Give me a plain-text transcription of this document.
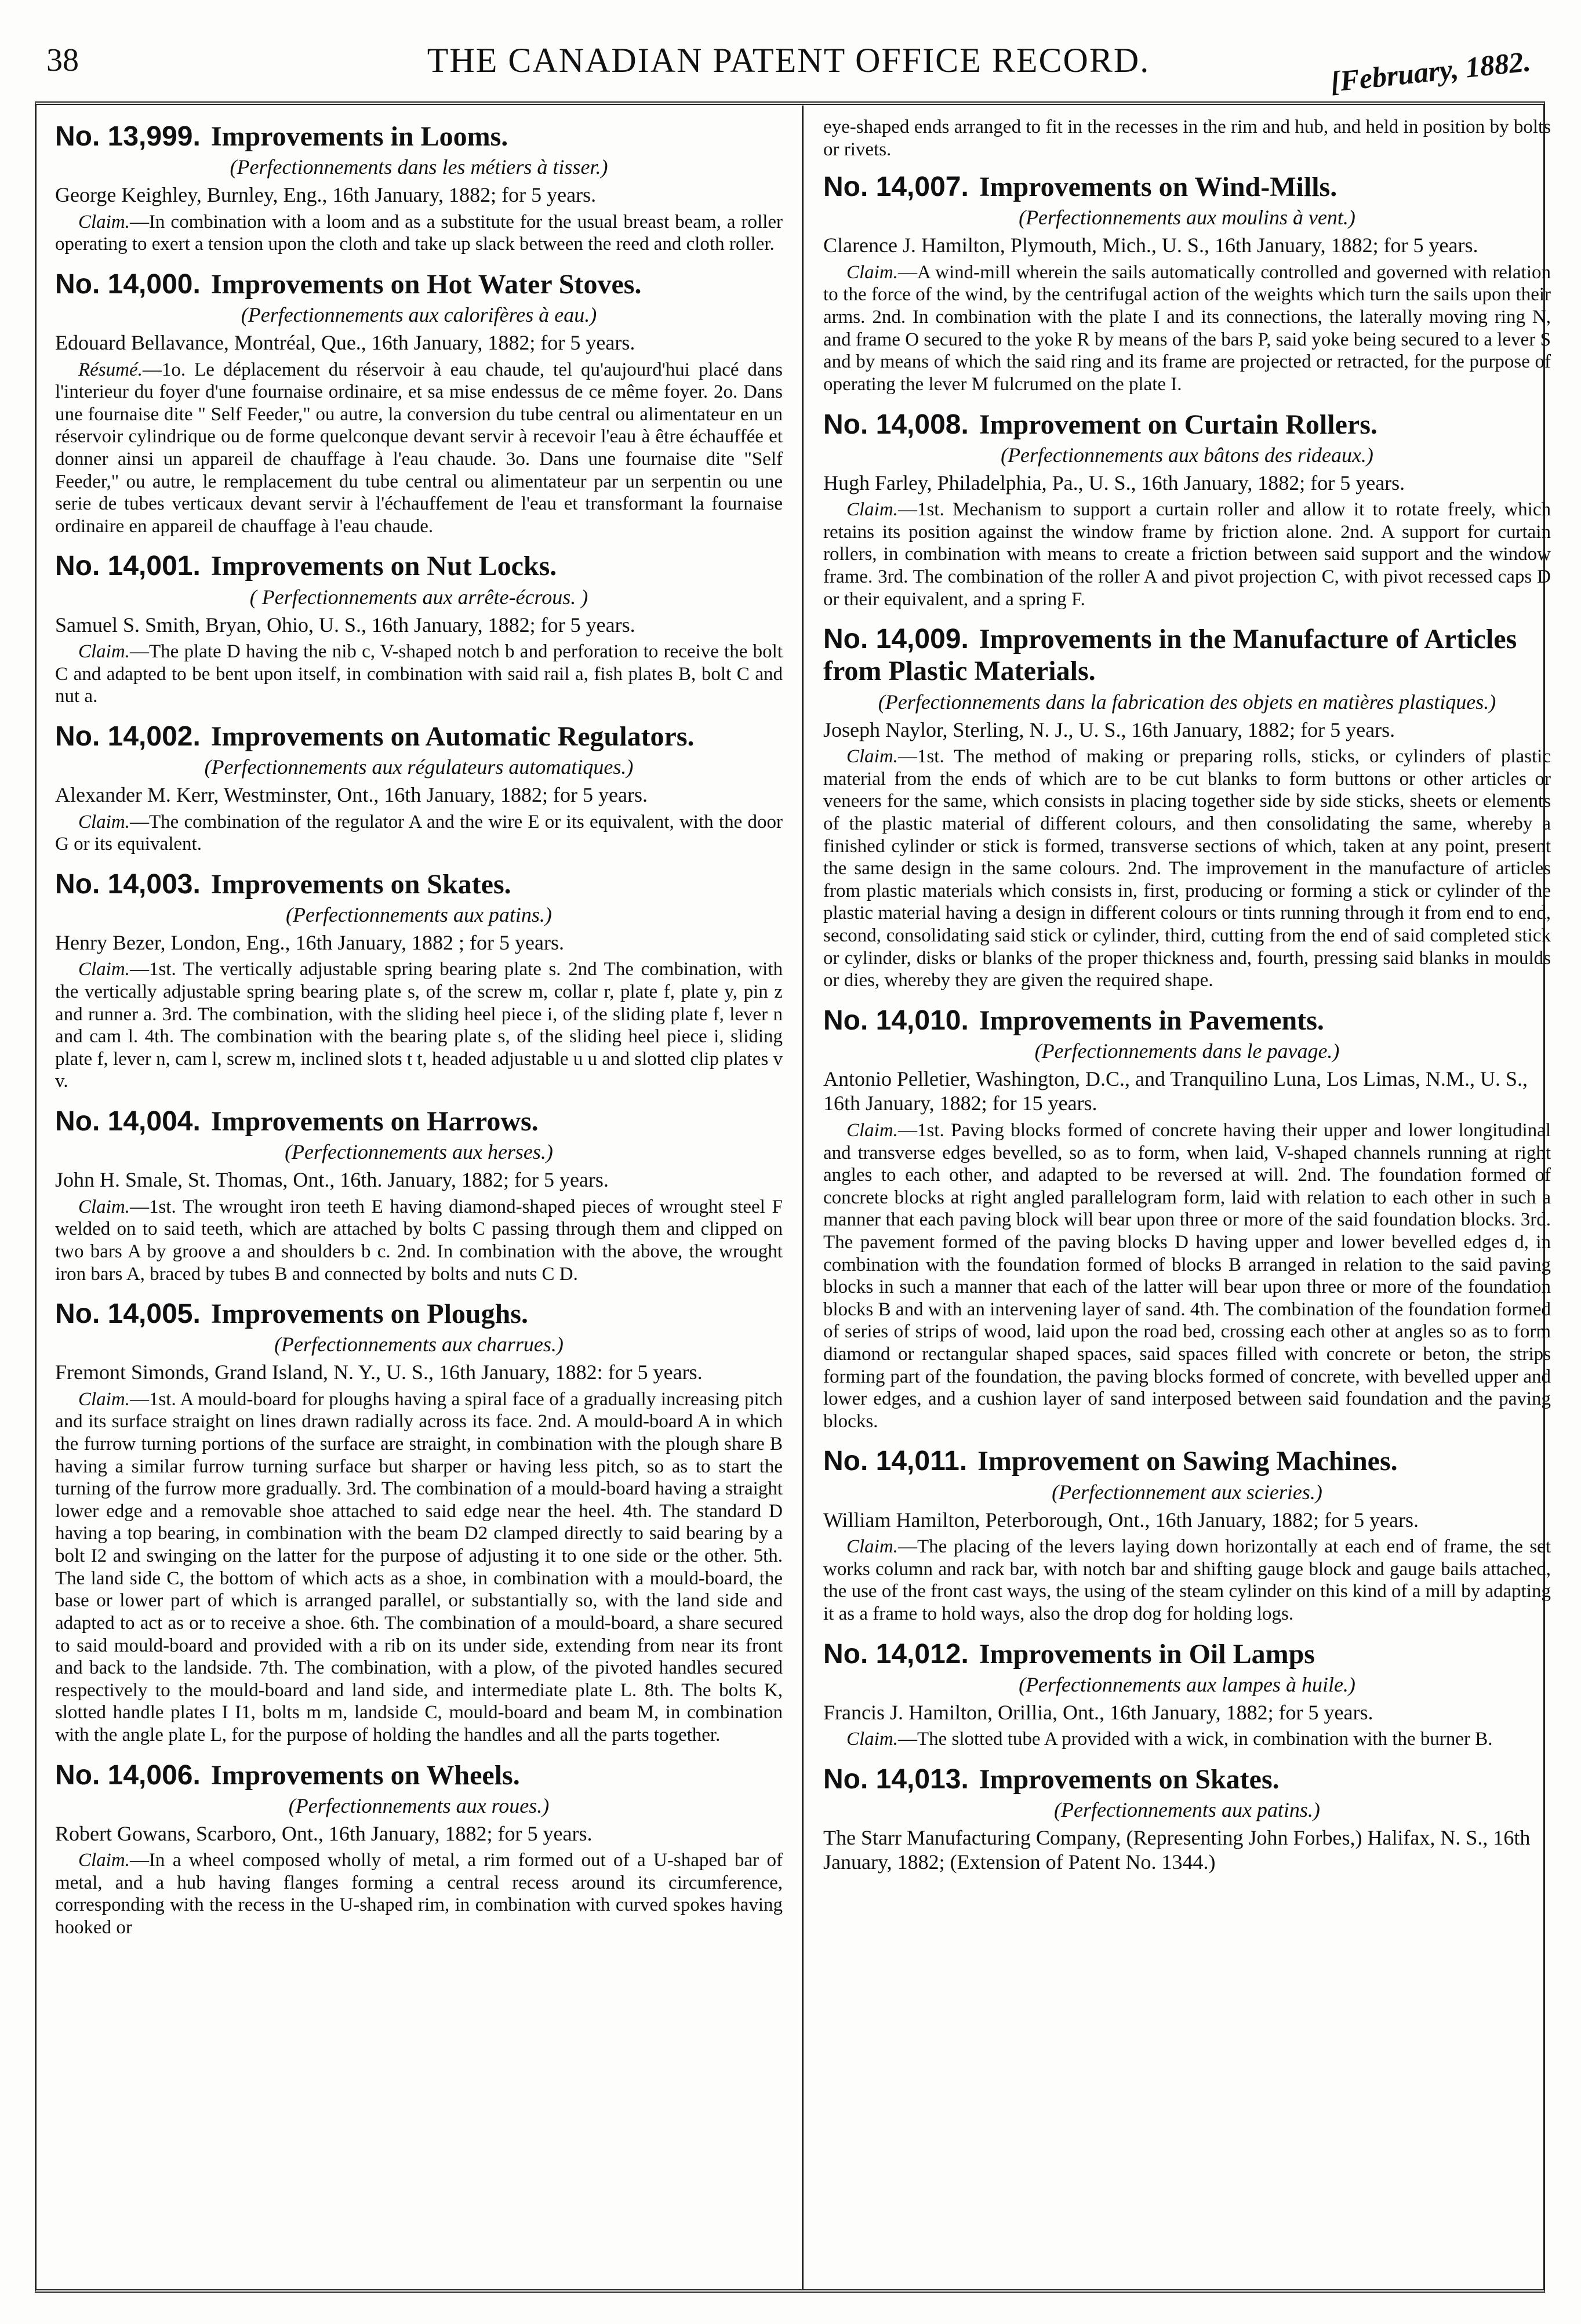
38	THE CANADIAN PATENT OFFICE RECORD.	[February, 1882.
No. 13,999. Improvements in Looms.
(Perfectionnements dans les métiers à tisser.)
George Keighley, Burnley, Eng., 16th January, 1882; for 5 years.

Claim.—In combination with a loom and as a substitute for the usual breast beam, a roller operating to exert a tension upon the cloth and take up slack between the reed and cloth roller.

No. 14,000. Improvements on Hot Water Stoves.
(Perfectionnements aux calorifères à eau.)
Edouard Bellavance, Montréal, Que., 16th January, 1882; for 5 years.

Résumé.—1o. Le déplacement du réservoir à eau chaude, tel qu'aujourd'hui placé dans l'interieur du foyer d'une fournaise ordinaire, et sa mise endessus de ce même foyer. 2o. Dans une fournaise dite " Self Feeder," ou autre, la conversion du tube central ou alimentateur en un réservoir cylindrique ou de forme quelconque devant servir à recevoir l'eau à être échauffée et donner ainsi un appareil de chauffage à l'eau chaude. 3o. Dans une fournaise dite "Self Feeder," ou autre, le remplacement du tube central ou alimentateur par un serpentin ou une serie de tubes verticaux devant servir à l'échauffement de l'eau et transformant la fournaise ordinaire en appareil de chauffage à l'eau chaude.

No. 14,001. Improvements on Nut Locks.
( Perfectionnements aux arrête-écrous. )
Samuel S. Smith, Bryan, Ohio, U. S., 16th January, 1882; for 5 years.

Claim.—The plate D having the nib c, V-shaped notch b and perforation to receive the bolt C and adapted to be bent upon itself, in combination with said rail a, fish plates B, bolt C and nut a.

No. 14,002. Improvements on Automatic Regulators.
(Perfectionnements aux régulateurs automatiques.)
Alexander M. Kerr, Westminster, Ont., 16th January, 1882; for 5 years.

Claim.—The combination of the regulator A and the wire E or its equivalent, with the door G or its equivalent.

No. 14,003. Improvements on Skates.
(Perfectionnements aux patins.)
Henry Bezer, London, Eng., 16th January, 1882 ; for 5 years.

Claim.—1st. The vertically adjustable spring bearing plate s. 2nd The combination, with the vertically adjustable spring bearing plate s, of the screw m, collar r, plate f, plate y, pin z and runner a. 3rd. The combination, with the sliding heel piece i, of the sliding plate f, lever n and cam l. 4th. The combination with the bearing plate s, of the sliding heel piece i, sliding plate f, lever n, cam l, screw m, inclined slots t t, headed adjustable u u and slotted clip plates v v.

No. 14,004. Improvements on Harrows.
(Perfectionnements aux herses.)
John H. Smale, St. Thomas, Ont., 16th. January, 1882; for 5 years.

Claim.—1st. The wrought iron teeth E having diamond-shaped pieces of wrought steel F welded on to said teeth, which are attached by bolts C passing through them and clipped on two bars A by groove a and shoulders b c. 2nd. In combination with the above, the wrought iron bars A, braced by tubes B and connected by bolts and nuts C D.

No. 14,005. Improvements on Ploughs.
(Perfectionnements aux charrues.)
Fremont Simonds, Grand Island, N. Y., U. S., 16th January, 1882: for 5 years.

Claim.—1st. A mould-board for ploughs having a spiral face of a gradually increasing pitch and its surface straight on lines drawn radially across its face. 2nd. A mould-board A in which the furrow turning portions of the surface are straight, in combination with the plough share B having a similar furrow turning surface but sharper or having less pitch, so as to start the turning of the furrow more gradually. 3rd. The combination of a mould-board having a straight lower edge and a removable shoe attached to said edge near the heel. 4th. The standard D having a top bearing, in combination with the beam D2 clamped directly to said bearing by a bolt I2 and swinging on the latter for the purpose of adjusting it to one side or the other. 5th. The land side C, the bottom of which acts as a shoe, in combination with a mould-board, the base or lower part of which is arranged parallel, or substantially so, with the land side and adapted to act as or to receive a shoe. 6th. The combination of a mould-board, a share secured to said mould-board and provided with a rib on its under side, extending from near its front and back to the landside. 7th. The combination, with a plow, of the pivoted handles secured respectively to the mould-board and land side, and intermediate plate L. 8th. The bolts K, slotted handle plates I I1, bolts m m, landside C, mould-board and beam M, in combination with the angle plate L, for the purpose of holding the handles and all the parts together.

No. 14,006. Improvements on Wheels.
(Perfectionnements aux roues.)
Robert Gowans, Scarboro, Ont., 16th January, 1882; for 5 years.

Claim.—In a wheel composed wholly of metal, a rim formed out of a U-shaped bar of metal, and a hub having flanges forming a central recess around its circumference, corresponding with the recess in the U-shaped rim, in combination with curved spokes having hooked or

eye-shaped ends arranged to fit in the recesses in the rim and hub, and held in position by bolts or rivets.

No. 14,007. Improvements on Wind-Mills.
(Perfectionnements aux moulins à vent.)
Clarence J. Hamilton, Plymouth, Mich., U. S., 16th January, 1882; for 5 years.

Claim.—A wind-mill wherein the sails automatically controlled and governed with relation to the force of the wind, by the centrifugal action of the weights which turn the sails upon their arms. 2nd. In combination with the plate I and its connections, the laterally moving ring N, and frame O secured to the yoke R by means of the bars P, said yoke being secured to a lever S and by means of which the said ring and its frame are projected or retracted, for the purpose of operating the lever M fulcrumed on the plate I.

No. 14,008. Improvement on Curtain Rollers.
(Perfectionnements aux bâtons des rideaux.)
Hugh Farley, Philadelphia, Pa., U. S., 16th January, 1882; for 5 years.

Claim.—1st. Mechanism to support a curtain roller and allow it to rotate freely, which retains its position against the window frame by friction alone. 2nd. A support for curtain rollers, in combination with means to create a friction between said support and the window frame. 3rd. The combination of the roller A and pivot projection C, with pivot recessed caps D or their equivalent, and a spring F.

No. 14,009. Improvements in the Manufacture of Articles from Plastic Materials.
(Perfectionnements dans la fabrication des objets en matières plastiques.)
Joseph Naylor, Sterling, N. J., U. S., 16th January, 1882; for 5 years.

Claim.—1st. The method of making or preparing rolls, sticks, or cylinders of plastic material from the ends of which are to be cut blanks to form buttons or other articles or veneers for the same, which consists in placing together side by side sticks, sheets or elements of the plastic material of different colours, and then consolidating the same, whereby a finished cylinder or stick is formed, transverse sections of which, taken at any point, present the same design in the same colours. 2nd. The improvement in the manufacture of articles from plastic materials which consists in, first, producing or forming a stick or cylinder of the plastic material having a design in different colours or tints running through it from end to end, second, consolidating said stick or cylinder, third, cutting from the end of said completed stick or cylinder, disks or blanks of the proper thickness and, fourth, pressing said blanks in moulds or dies, whereby they are given the required shape.

No. 14,010. Improvements in Pavements.
(Perfectionnements dans le pavage.)
Antonio Pelletier, Washington, D.C., and Tranquilino Luna, Los Limas, N.M., U. S., 16th January, 1882; for 15 years.

Claim.—1st. Paving blocks formed of concrete having their upper and lower longitudinal and transverse edges bevelled, so as to form, when laid, V-shaped channels running at right angles to each other, and adapted to be reversed at will. 2nd. The foundation formed of concrete blocks at right angled parallelogram form, laid with relation to each other in such a manner that each paving block will bear upon three or more of the said foundation blocks. 3rd. The pavement formed of the paving blocks D having upper and lower bevelled edges d, in combination with the foundation formed of blocks B arranged in relation to the said paving blocks in such a manner that each of the latter will bear upon three or more of the foundation blocks B and with an intervening layer of sand. 4th. The combination of the foundation formed of series of strips of wood, laid upon the road bed, crossing each other at angles so as to form diamond or rectangular shaped spaces, said spaces filled with concrete or beton, the strips forming part of the foundation, the paving blocks formed of concrete, with bevelled upper and lower edges, and a cushion layer of sand interposed between said foundation and the paving blocks.

No. 14,011. Improvement on Sawing Machines.
(Perfectionnement aux scieries.)
William Hamilton, Peterborough, Ont., 16th January, 1882; for 5 years.

Claim.—The placing of the levers laying down horizontally at each end of frame, the set works column and rack bar, with notch bar and shifting gauge block and gauge bails attached, the use of the front cast ways, the using of the steam cylinder on this kind of a mill by adapting it as a frame to hold ways, also the drop dog for holding logs.

No. 14,012. Improvements in Oil Lamps
(Perfectionnements aux lampes à huile.)
Francis J. Hamilton, Orillia, Ont., 16th January, 1882; for 5 years.

Claim.—The slotted tube A provided with a wick, in combination with the burner B.

No. 14,013. Improvements on Skates.
(Perfectionnements aux patins.)
The Starr Manufacturing Company, (Representing John Forbes,) Halifax, N. S., 16th January, 1882; (Extension of Patent No. 1344.)
